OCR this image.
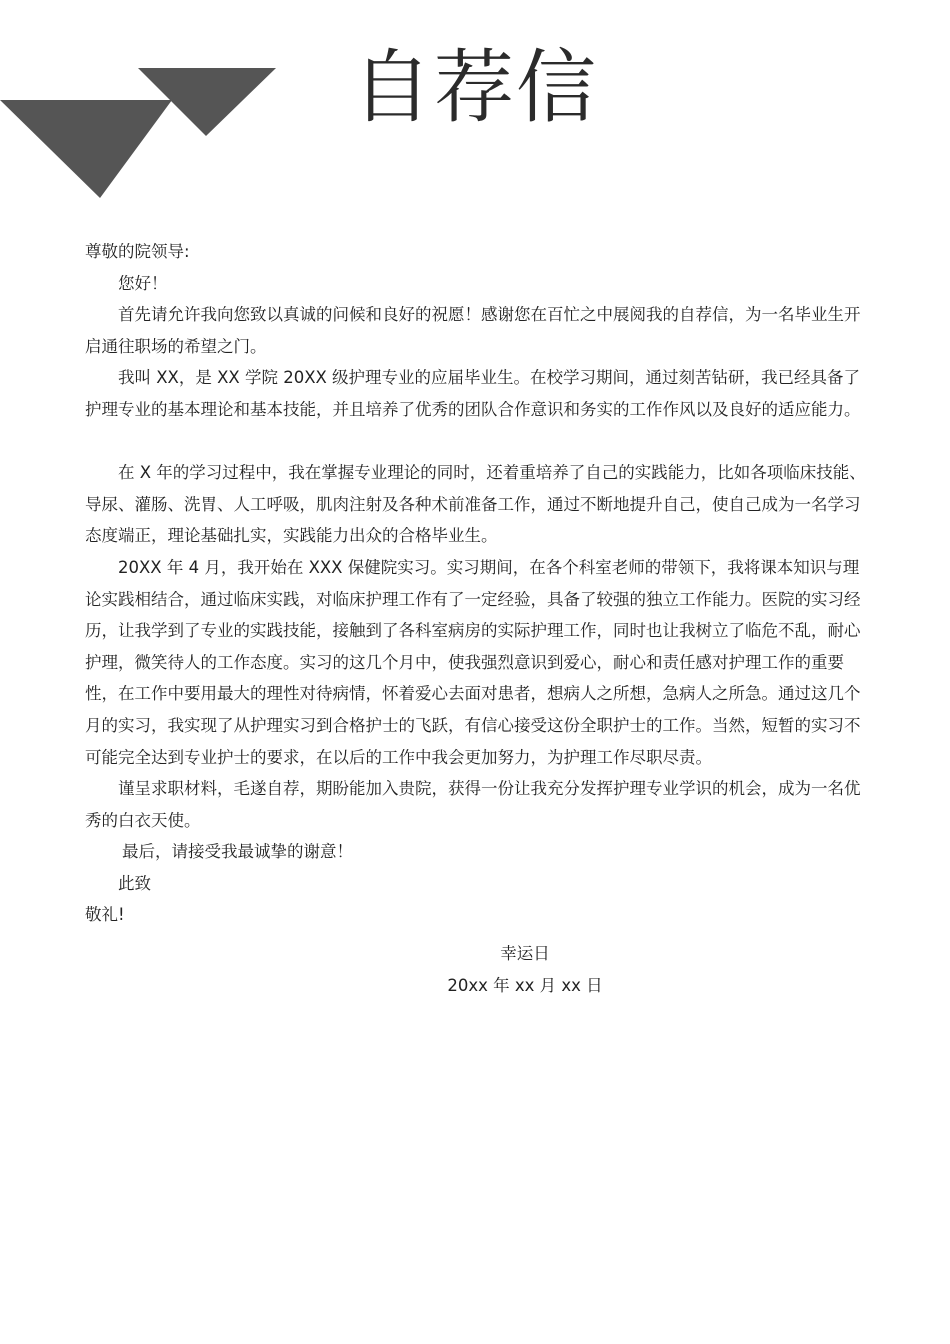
自荐信

尊敬的院领导:

您好！

首先请允许我向您致以真诚的问候和良好的祝愿！感谢您在百忙之中展阅我的自荐信，为一名毕业生开启通往职场的希望之门。

我叫 XX，是 XX 学院 20XX 级护理专业的应届毕业生。在校学习期间，通过刻苦钻研，我已经具备了护理专业的基本理论和基本技能，并且培养了优秀的团队合作意识和务实的工作作风以及良好的适应能力。

在 X 年的学习过程中，我在掌握专业理论的同时，还着重培养了自己的实践能力，比如各项临床技能、导尿、灌肠、洗胃、人工呼吸，肌肉注射及各种术前准备工作，通过不断地提升自己，使自己成为一名学习态度端正，理论基础扎实，实践能力出众的合格毕业生。

20XX 年 4 月，我开始在 XXX 保健院实习。实习期间，在各个科室老师的带领下，我将课本知识与理论实践相结合，通过临床实践，对临床护理工作有了一定经验，具备了较强的独立工作能力。医院的实习经历，让我学到了专业的实践技能，接触到了各科室病房的实际护理工作，同时也让我树立了临危不乱，耐心护理，微笑待人的工作态度。实习的这几个月中，使我强烈意识到爱心，耐心和责任感对护理工作的重要性，在工作中要用最大的理性对待病情，怀着爱心去面对患者，想病人之所想，急病人之所急。通过这几个月的实习，我实现了从护理实习到合格护士的飞跃，有信心接受这份全职护士的工作。当然，短暂的实习不可能完全达到专业护士的要求，在以后的工作中我会更加努力，为护理工作尽职尽责。

谨呈求职材料，毛遂自荐，期盼能加入贵院，获得一份让我充分发挥护理专业学识的机会，成为一名优秀的白衣天使。

最后，请接受我最诚挚的谢意！

此致

敬礼!

幸运日
20xx 年 xx 月 xx 日
